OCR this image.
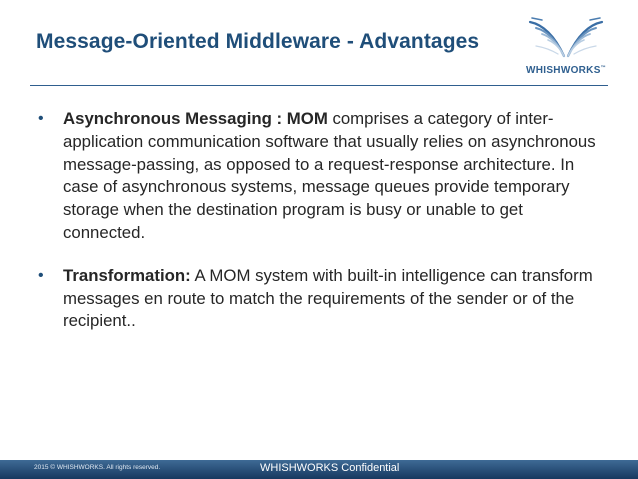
Message-Oriented Middleware - Advantages
WHISHWORKS™
• Asynchronous Messaging : MOM comprises a category of inter-application communication software that usually relies on asynchronous message-passing, as opposed to a request-response architecture. In case of asynchronous systems, message queues provide temporary storage when the destination program is busy or unable to get connected.
• Transformation: A MOM system with built-in intelligence can transform messages en route to match the requirements of the sender or of the recipient..
2015 © WHISHWORKS. All rights reserved.	WHISHWORKS Confidential
